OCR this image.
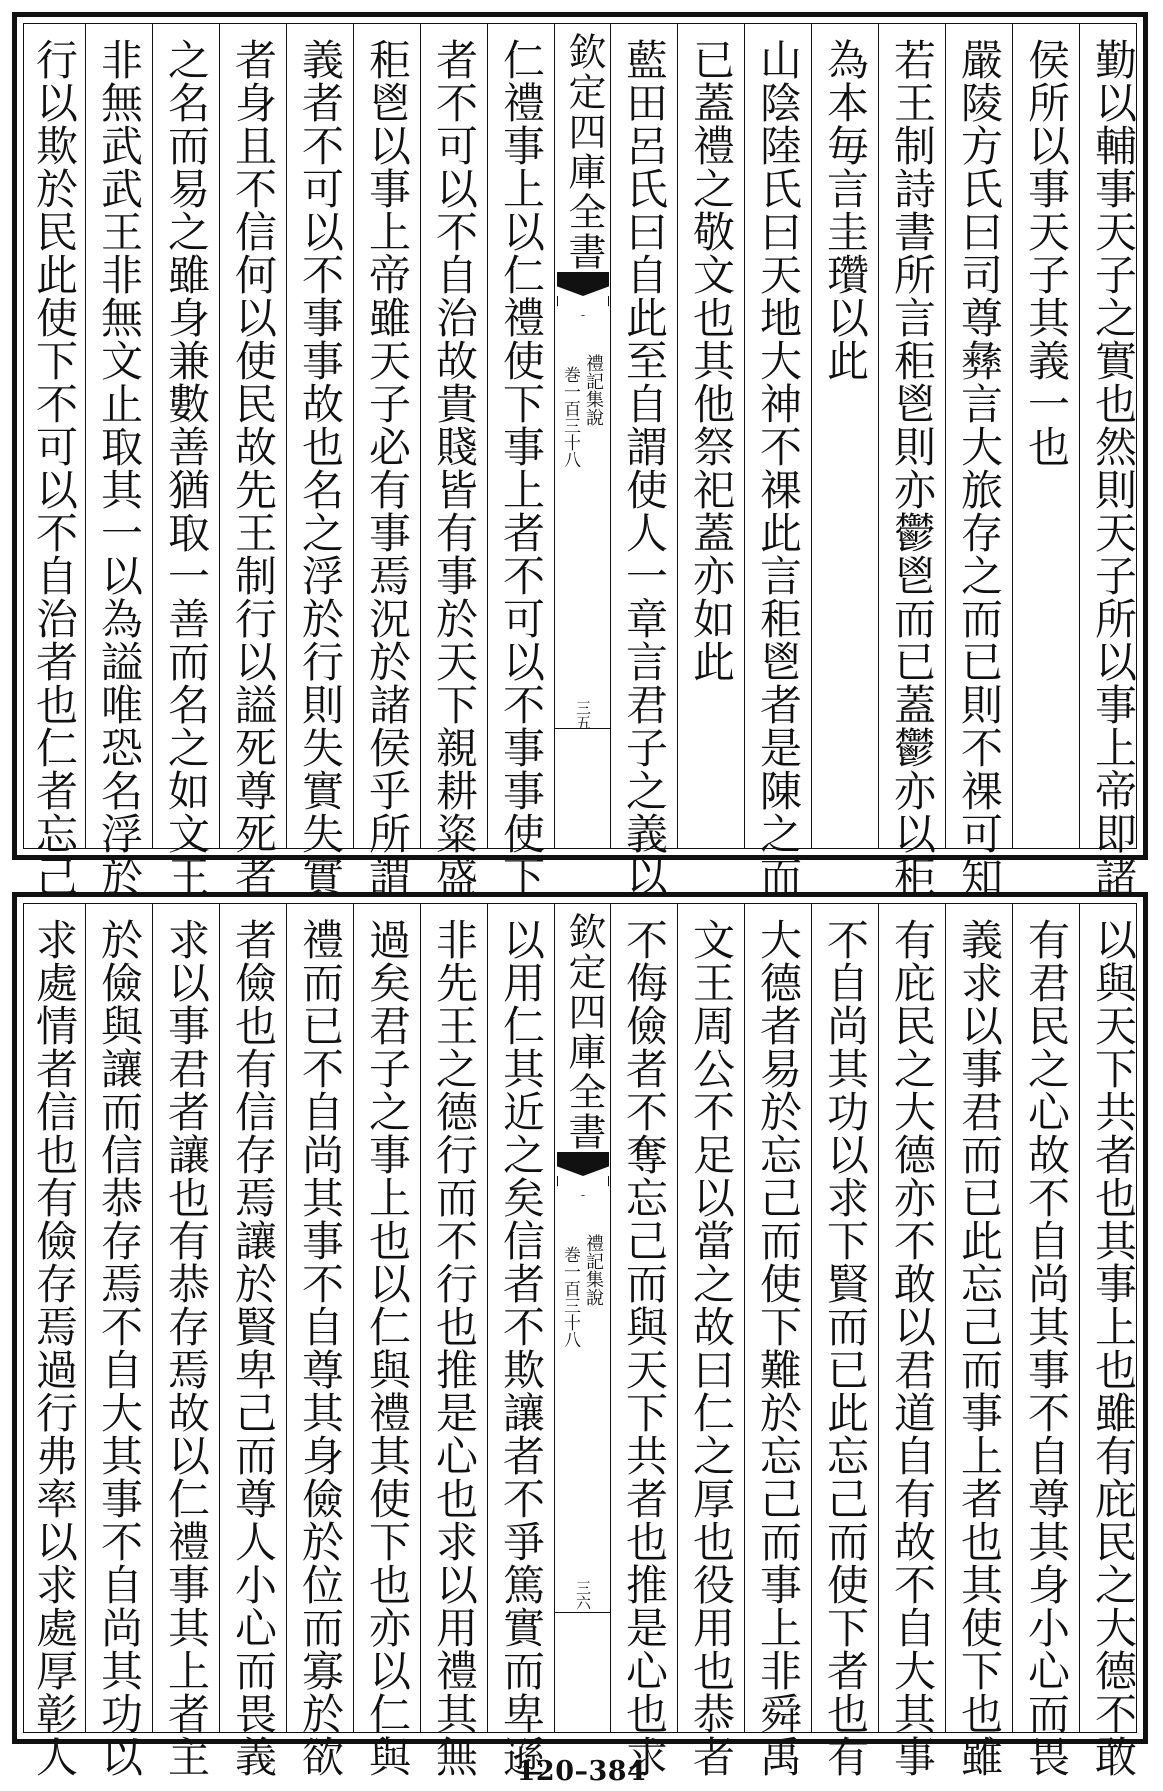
勤以輔事天子之實也然則天子所以事上帝即諸
侯所以事天子其義一也
嚴陵方氏曰司尊彝言大旅存之而已則不祼可知
若王制詩書所言秬鬯則亦鬱鬯而已蓋鬱亦以秬
為本毎言圭瓚以此
山陰陸氏曰天地大神不祼此言秬鬯者是陳之而
已蓋禮之敬文也其他祭祀蓋亦如此
藍田呂氏曰自此至自謂使人一章言君子之義以
欽定四庫全書
禮記集說
巻一百三十八
三五
仁禮事上以仁禮使下事上者不可以不事事使下
者不可以不自治故貴賤皆有事於天下親耕粢盛
秬鬯以事上帝雖天子必有事焉況於諸侯乎所謂
義者不可以不事事故也名之浮於行則失實失實
者身且不信何以使民故先王制行以謚死尊死者
之名而易之雖身兼數善猶取一善而名之如文王
非無武武王非無文止取其一以為謚唯恐名浮於
行以欺於民此使下不可以不自治者也仁者忘己
以與天下共者也其事上也雖有庇民之大德不敢
有君民之心故不自尚其事不自尊其身小心而畏
義求以事君而已此忘己而事上者也其使下也雖
有庇民之大德亦不敢以君道自有故不自大其事
不自尚其功以求下賢而已此忘己而使下者也有
大德者易於忘己而使下難於忘己而事上非舜禹
文王周公不足以當之故曰仁之厚也役用也恭者
不侮儉者不奪忘己而與天下共者也推是心也求
欽定四庫全書
禮記集說
巻一百三十八
三六
以用仁其近之矣信者不欺讓者不爭篤實而卑遜
非先王之德行而不行也推是心也求以用禮其無
過矣君子之事上也以仁與禮其使下也亦以仁與
禮而已不自尚其事不自尊其身儉於位而寡於欲
者儉也有信存焉讓於賢卑己而尊人小心而畏義
求以事君者讓也有恭存焉故以仁禮事其上者主
於儉與讓而信恭存焉不自大其事不自尚其功以
求處情者信也有儉存焉過行弗率以求處厚彰人	120–384
